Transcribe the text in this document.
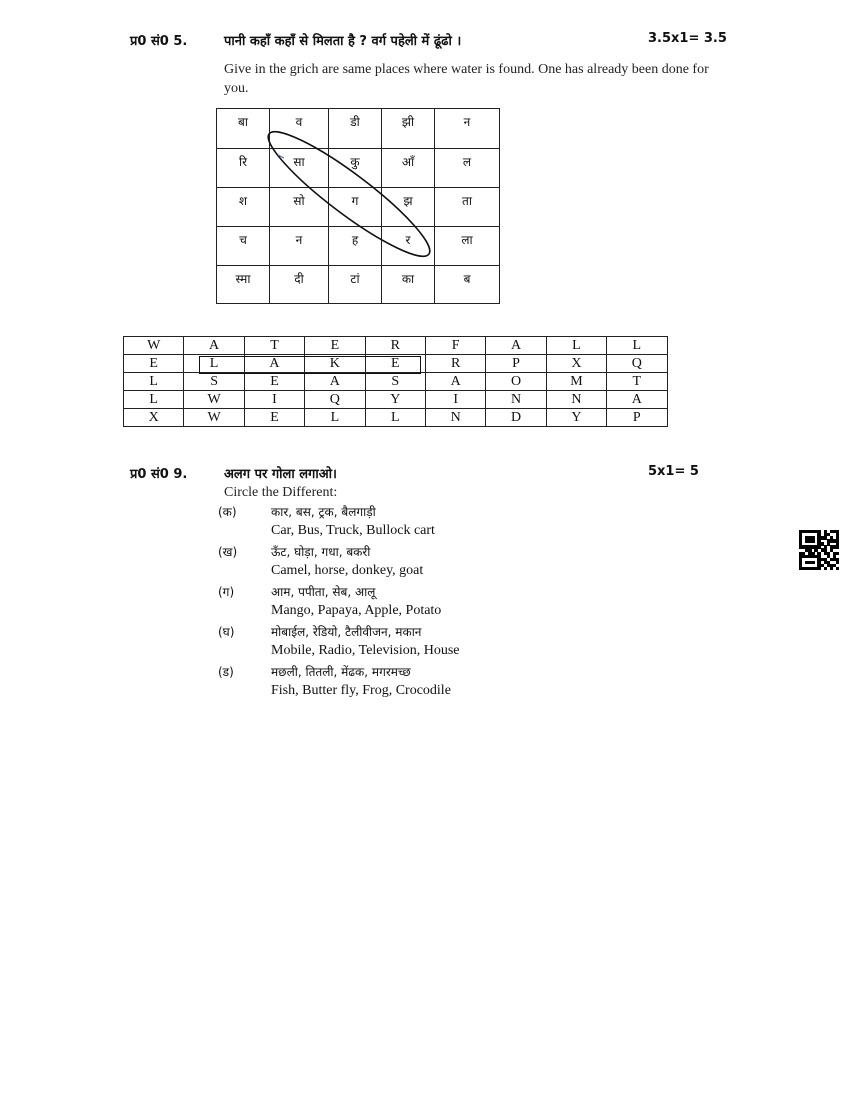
प्र0 सं0 5.	पानी कहाँ कहाँ से मिलता है ? वर्ग पहेली में ढूंढो ।	3.5x1= 3.5
Give in the grich are same places where water is found. One has already been done for you.
बा	व	डी	झी	न
रि	सा	कु	आँ	ल
श	सो	ग	झ	ता
च	न	ह	र	ला
स्मा	दी	टां	का	ब
W	A	T	E	R	F	A	L	L
E	L	A	K	E	R	P	X	Q
L	S	E	A	S	A	O	M	T
L	W	I	Q	Y	I	N	N	A
X	W	E	L	L	N	D	Y	P
प्र0 सं0 9.	अलग पर गोला लगाओ।	5x1= 5
Circle the Different:
(क)	कार, बस, ट्रक, बैलगाड़ी
Car, Bus, Truck, Bullock cart
(ख)	ऊँट, घोड़ा, गधा, बकरी
Camel, horse, donkey, goat
(ग)	आम, पपीता, सेब, आलू
Mango, Papaya, Apple, Potato
(घ)	मोबाईल, रेडियो, टैलीवीजन, मकान
Mobile, Radio, Television, House
(ड)	मछली, तितली, मेंढक, मगरमच्छ
Fish, Butter fly, Frog, Crocodile
